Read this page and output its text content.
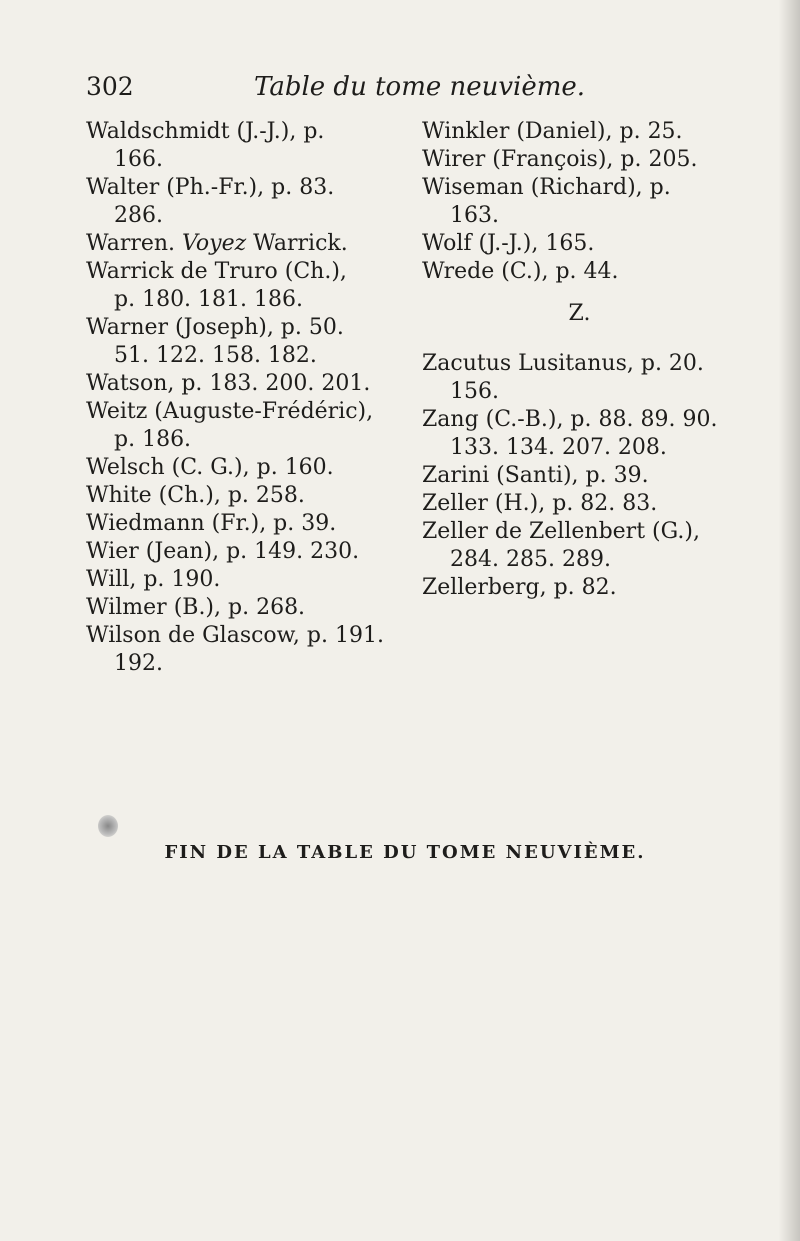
302	Table du tome neuvième.
Waldschmidt (J.-J.), p.
166.
Walter (Ph.-Fr.), p. 83.
286.
Warren. Voyez Warrick.
Warrick de Truro (Ch.),
p. 180. 181. 186.
Warner (Joseph), p. 50.
51. 122. 158. 182.
Watson, p. 183. 200. 201.
Weitz (Auguste-Frédéric),
p. 186.
Welsch (C. G.), p. 160.
White (Ch.), p. 258.
Wiedmann (Fr.), p. 39.
Wier (Jean), p. 149. 230.
Will, p. 190.
Wilmer (B.), p. 268.
Wilson de Glascow, p. 191.
192.
Winkler (Daniel), p. 25.
Wirer (François), p. 205.
Wiseman (Richard), p.
163.
Wolf (J.-J.), 165.
Wrede (C.), p. 44.
Z.
Zacutus Lusitanus, p. 20.
156.
Zang (C.-B.), p. 88. 89. 90.
133. 134. 207. 208.
Zarini (Santi), p. 39.
Zeller (H.), p. 82. 83.
Zeller de Zellenbert (G.),
284. 285. 289.
Zellerberg, p. 82.
FIN DE LA TABLE DU TOME NEUVIÈME.
